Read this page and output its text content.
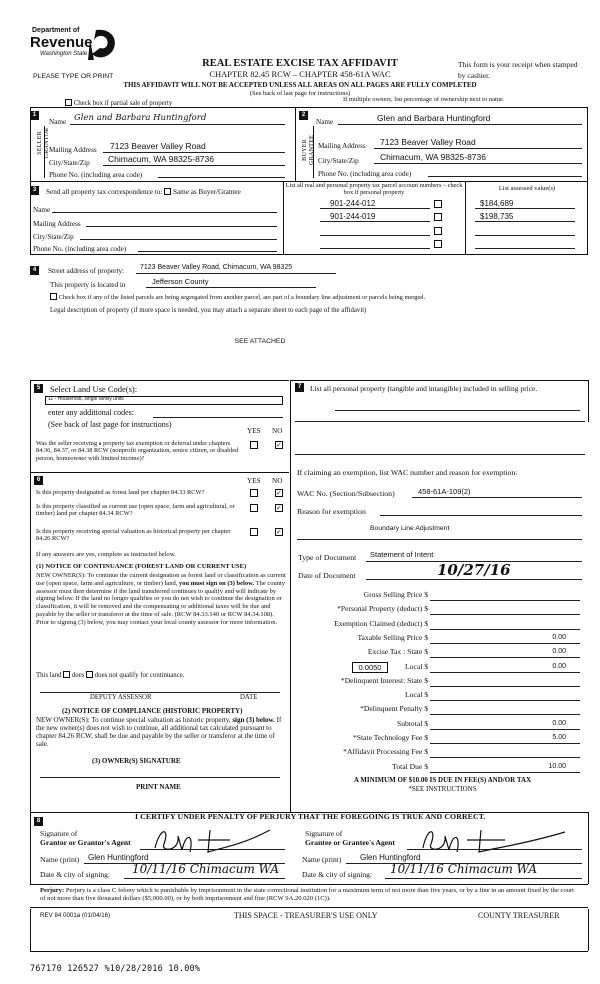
Department of
Revenue
Washington State
PLEASE TYPE OR PRINT
REAL ESTATE EXCISE TAX AFFIDAVIT
CHAPTER 82.45 RCW – CHAPTER 458-61A WAC
THIS AFFIDAVIT WILL NOT BE ACCEPTED UNLESS ALL AREAS ON ALL PAGES ARE FULLY COMPLETED
(See back of last page for instructions)
This form is your receipt when stamped by cashier.
Check box if partial sale of property
If multiple owners, list percentage of ownership next to name.
1
SELLER GRANTOR
Name Glen and Barbara Huntingford
Mailing Address 7123 Beaver Valley Road
City/State/Zip Chimacum, WA 98325-8736
Phone No. (including area code)
2
BUYER GRANTEE
Name	Glen and Barbara Huntingford
Mailing Address 7123 Beaver Valley Road
City/State/Zip	Chimacum, WA 98325-8736
Phone No. (including area code)
3	Send all property tax correspondence to: Same as Buyer/Grantee
Name
Mailing Address
City/State/Zip
Phone No. (including area code)
List all real and personal property tax parcel account numbers – check box if personal property
List assessed value(s)
901-244-012	$184,689
901-244-019	$198,735
4	Street address of property: 7123 Beaver Valley Road, Chimacum, WA 98325
This property is located in	Jefferson County
Check box if any of the listed parcels are being segregated from another parcel, are part of a boundary line adjustment or parcels being merged.
Legal description of property (if more space is needed, you may attach a separate sheet to each page of the affidavit)
SEE ATTACHED
5	Select Land Use Code(s):
11 - Household, single family units
enter any additional codes:
(See back of last page for instructions)
YES NO
Was the seller receiving a property tax exemption or deferral under chapters 84.36, 84.37, or 84.38 RCW (nonprofit organization, senior citizen, or disabled person, homeowner with limited income)?
✓
6	YES NO
Is this property designated as forest land per chapter 84.33 RCW?	✓
Is this property classified as current use (open space, farm and agricultural, or timber) land per chapter 84.34 RCW?
✓
Is this property receiving special valuation as historical property per chapter 84.26 RCW?
✓
If any answers are yes, complete as instructed below.
(1) NOTICE OF CONTINUANCE (FOREST LAND OR CURRENT USE)
NEW OWNER(S): To continue the current designation as forest land or classification as current use (open space, farm and agriculture, or timber) land, you must sign on (3) below. The county assessor must then determine if the land transferred continues to qualify and will indicate by signing below. If the land no longer qualifies or you do not wish to continue the designation or classification, it will be removed and the compensating or additional taxes will be due and payable by the seller or transferor at the time of sale. (RCW 84.33.140 or RCW 84.34.108). Prior to signing (3) below, you may contact your local county assessor for more information.
This land does does not qualify for continuance.
DEPUTY ASSESSOR	DATE
(2) NOTICE OF COMPLIANCE (HISTORIC PROPERTY)
NEW OWNER(S): To continue special valuation as historic property, sign (3) below. If the new owner(s) does not wish to continue, all additional tax calculated pursuant to chapter 84.26 RCW, shall be due and payable by the seller or transferor at the time of sale.
(3) OWNER(S) SIGNATURE
PRINT NAME
7	List all personal property (tangible and intangible) included in selling price.
If claiming an exemption, list WAC number and reason for exemption:
WAC No. (Section/Subsection)	458-61A-109(2)
Reason for exemption
Boundary Line Adjustment
Type of Document Statement of Intent
Date of Document	10/27/16
Gross Selling Price $
*Personal Property (deduct) $
Exemption Claimed (deduct) $
Taxable Selling Price $	0.00
Excise Tax : State $	0.00
Local $	0.00
0.0050
*Delinquent Interest: State $
Local $
*Delinquent Penalty $
Subtotal $	0.00
*State Technology Fee $	5.00
*Affidavit Processing Fee $
Total Due $	10.00
A MINIMUM OF $10.00 IS DUE IN FEE(S) AND/OR TAX
*SEE INSTRUCTIONS
8	I CERTIFY UNDER PENALTY OF PERJURY THAT THE FOREGOING IS TRUE AND CORRECT.
Signature of
Grantor or Grantor's Agent
Signature of
Grantee or Grantee's Agent
Name (print) Glen Huntingford	Name (print) Glen Huntingford
Date & city of signing: 10/11/16 Chimacum WA	Date & city of signing: 10/11/16 Chimacum WA
Perjury: Perjury is a class C felony which is punishable by imprisonment in the state correctional institution for a maximum term of not more than five years, or by a fine in an amount fixed by the court of not more than five thousand dollars ($5,000.00), or by both imprisonment and fine (RCW 9A.20.020 (1C)).
REV 84 0001a (01/04/16)	THIS SPACE - TREASURER'S USE ONLY	COUNTY TREASURER
767170 126527 %10/28/2016 10.00%
